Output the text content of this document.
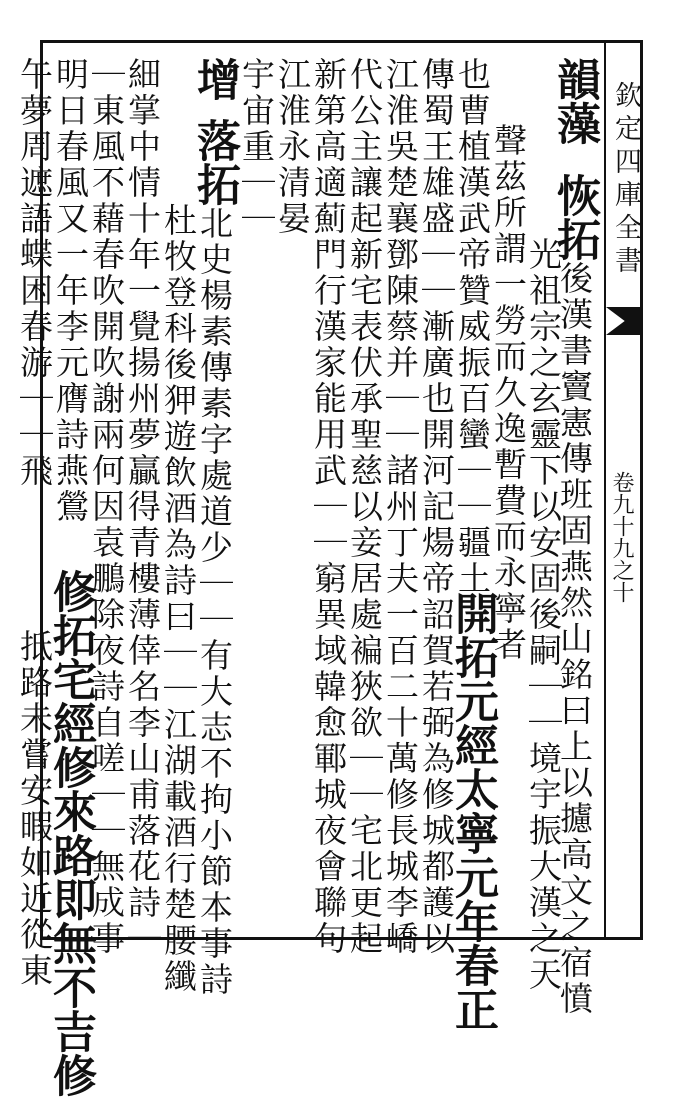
欽定四庫全書
卷九十九之十
韻藻
恢拓後漢書竇憲傳班固燕然山銘曰上以攄高文之宿憤
光祖宗之玄靈下以安固後嗣｜｜境宇振大漢之天
聲茲所謂一勞而久逸暫費而永寧者
也曹植漢武帝贊威振百蠻｜｜疆土
傳蜀王雄盛｜｜漸廣也開河記煬帝詔賀若弼為修城都護以
江淮吳楚襄鄧陳蔡并｜｜諸州丁夫一百二十萬修長城李嶠
代公主讓起新宅表伏承聖慈以妾居處褊狹欲｜｜宅北更起
新第高適薊門行漢家能用武｜｜窮異域韓愈鄆城夜會聯句
江淮永清晏
宇宙重｜｜
增
落拓北史楊素傳素字處道少｜｜有大志不拘小節本事詩
杜牧登科後狎遊飲酒為詩曰｜｜江湖載酒行楚腰纖
細掌中情十年一覺揚州夢贏得青樓薄倖名李山甫落花詩｜
｜東風不藉春吹開吹謝兩何因袁鵬除夜詩自嗟｜｜無成事
明日春風又一年李元膺詩燕鶯
午夢周遮語蝶困春游｜｜飛
開拓元經太寧元年春正
修拓宅經修來路即無不吉修
抵路未嘗安暇如近從東
